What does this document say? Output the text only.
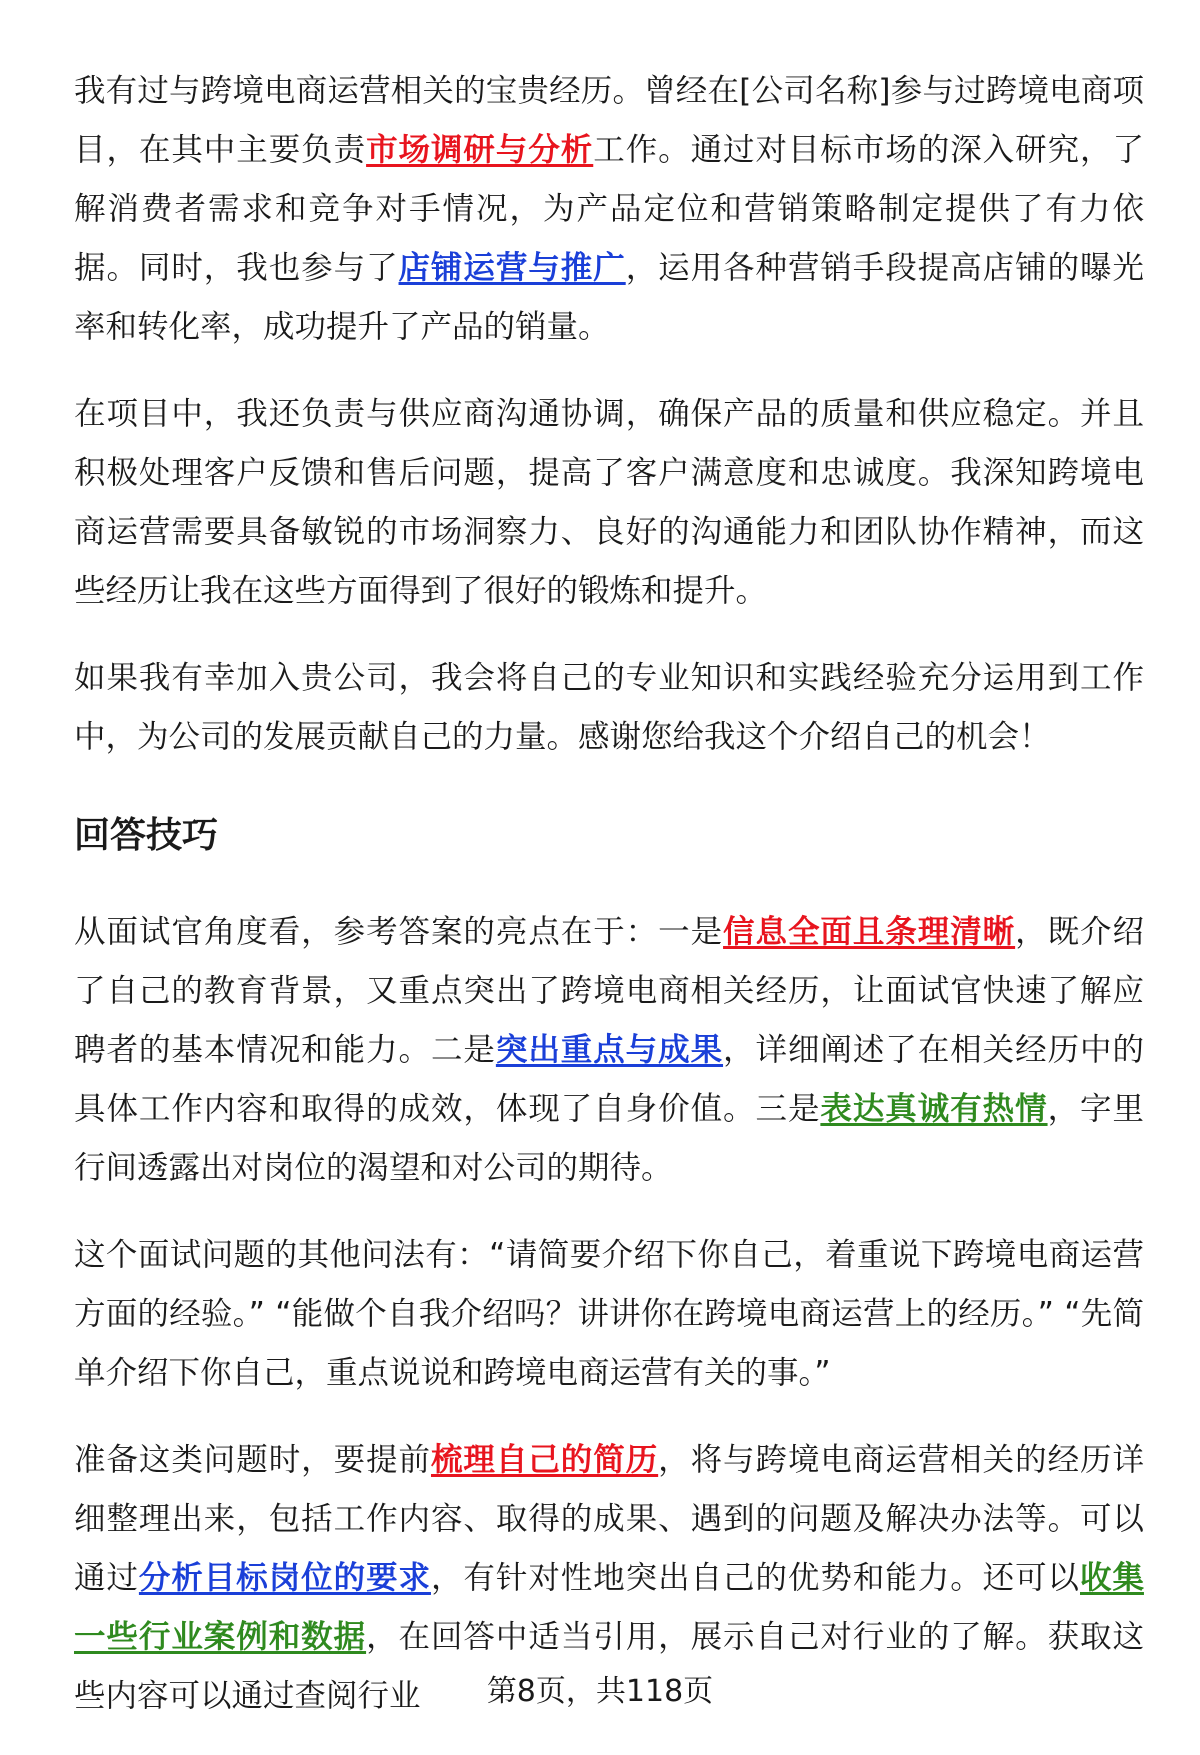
我有过与跨境电商运营相关的宝贵经历。曾经在[公司名称]参与过跨境电商项目，在其中主要负责市场调研与分析工作。通过对目标市场的深入研究，了解消费者需求和竞争对手情况，为产品定位和营销策略制定提供了有力依据。同时，我也参与了店铺运营与推广，运用各种营销手段提高店铺的曝光率和转化率，成功提升了产品的销量。

在项目中，我还负责与供应商沟通协调，确保产品的质量和供应稳定。并且积极处理客户反馈和售后问题，提高了客户满意度和忠诚度。我深知跨境电商运营需要具备敏锐的市场洞察力、良好的沟通能力和团队协作精神，而这些经历让我在这些方面得到了很好的锻炼和提升。

如果我有幸加入贵公司，我会将自己的专业知识和实践经验充分运用到工作中，为公司的发展贡献自己的力量。感谢您给我这个介绍自己的机会！

回答技巧

从面试官角度看，参考答案的亮点在于：一是信息全面且条理清晰，既介绍了自己的教育背景，又重点突出了跨境电商相关经历，让面试官快速了解应聘者的基本情况和能力。二是突出重点与成果，详细阐述了在相关经历中的具体工作内容和取得的成效，体现了自身价值。三是表达真诚有热情，字里行间透露出对岗位的渴望和对公司的期待。

这个面试问题的其他问法有：“请简要介绍下你自己，着重说下跨境电商运营方面的经验。” “能做个自我介绍吗？讲讲你在跨境电商运营上的经历。” “先简单介绍下你自己，重点说说和跨境电商运营有关的事。”

准备这类问题时，要提前梳理自己的简历，将与跨境电商运营相关的经历详细整理出来，包括工作内容、取得的成果、遇到的问题及解决办法等。可以通过分析目标岗位的要求，有针对性地突出自己的优势和能力。还可以收集一些行业案例和数据，在回答中适当引用，展示自己对行业的了解。获取这些内容可以通过查阅行业	第8页，共118页
